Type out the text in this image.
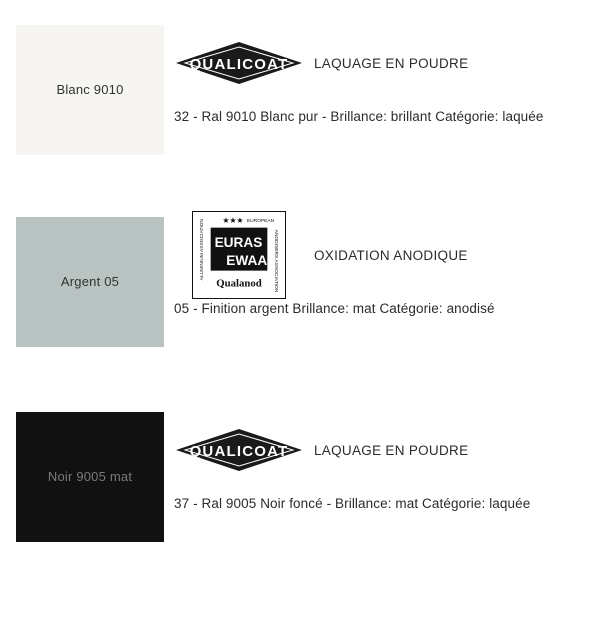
Blanc 9010
QUALICOAT LAQUAGE EN POUDRE
32 - Ral 9010 Blanc pur - Brillance: brillant Catégorie: laquée
Argent 05
★★★ EUROPEAN
ALUMINIUM ASSOCIATION	ANODISERS ASSOCIATION
EURAS
EWAA
Qualanod
OXIDATION ANODIQUE
05 - Finition argent Brillance: mat Catégorie: anodisé
Noir 9005 mat
QUALICOAT LAQUAGE EN POUDRE
37 - Ral 9005 Noir foncé - Brillance: mat Catégorie: laquée
